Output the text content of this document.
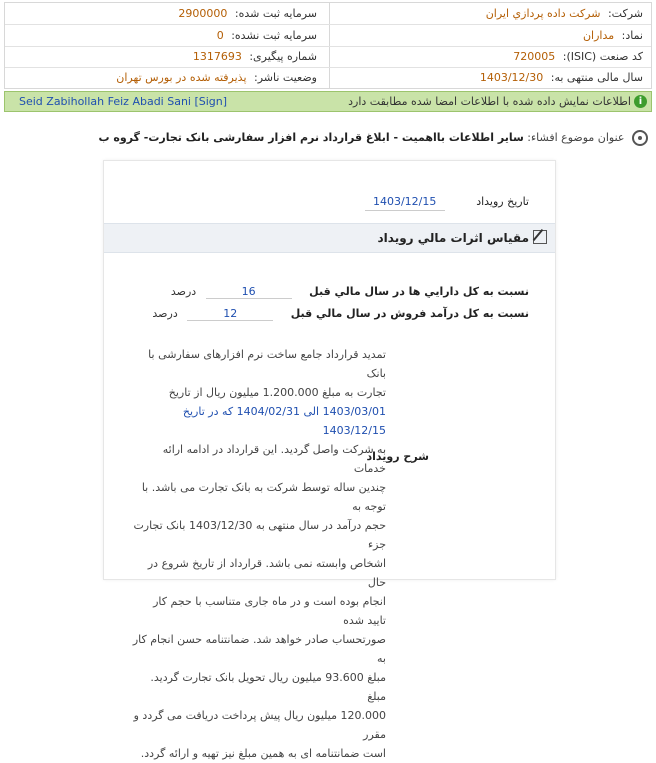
شرکت: شرکت داده پردازي ايران
سرمایه ثبت شده: 2900000
نماد: مداران
سرمایه ثبت نشده: 0
کد صنعت (ISIC): 720005
شماره پیگیری: 1317693
سال مالی منتهی به: 1403/12/30
وضعیت ناشر: پذیرفته شده در بورس تهران
i
اطلاعات نمایش داده شده با اطلاعات امضا شده مطابقت دارد
Seid Zabihollah Feiz Abadi Sani [Sign]
عنوان موضوع افشاء: سایر اطلاعات بااهمیت - ابلاغ قرارداد نرم افزار سفارشی بانک تجارت- گروه ب
تاریخ رویداد 1403/12/15
مقیاس اثرات مالي رویداد
نسبت به کل دارایي ها در سال مالي قبل 16 درصد
نسبت به کل درآمد فروش در سال مالي قبل 12 درصد
شرح رویداد
تمدید قرارداد جامع ساخت نرم افزارهای سفارشی با بانک
تجارت به مبلغ 1.200.000 میلیون ریال از تاریخ
1403/03/01 الی 1404/02/31 که در تاریخ 1403/12/15
به شرکت واصل گردید. این قرارداد در ادامه ارائه خدمات
چندین ساله توسط شرکت به بانک تجارت می باشد. با توجه به
حجم درآمد در سال منتهی به 1403/12/30 بانک تجارت جزء
اشخاص وابسته نمی باشد. قرارداد از تاریخ شروع در حال
انجام بوده است و در ماه جاری متناسب با حجم کار تایید شده
صورتحساب صادر خواهد شد. ضمانتنامه حسن انجام کار به
مبلغ 93.600 میلیون ریال تحویل بانک تجارت گردید. مبلغ
120.000 میلیون ریال پیش پرداخت دریافت می گردد و مقرر
است ضمانتنامه ای به همین مبلغ نیز تهیه و ارائه گردد.
